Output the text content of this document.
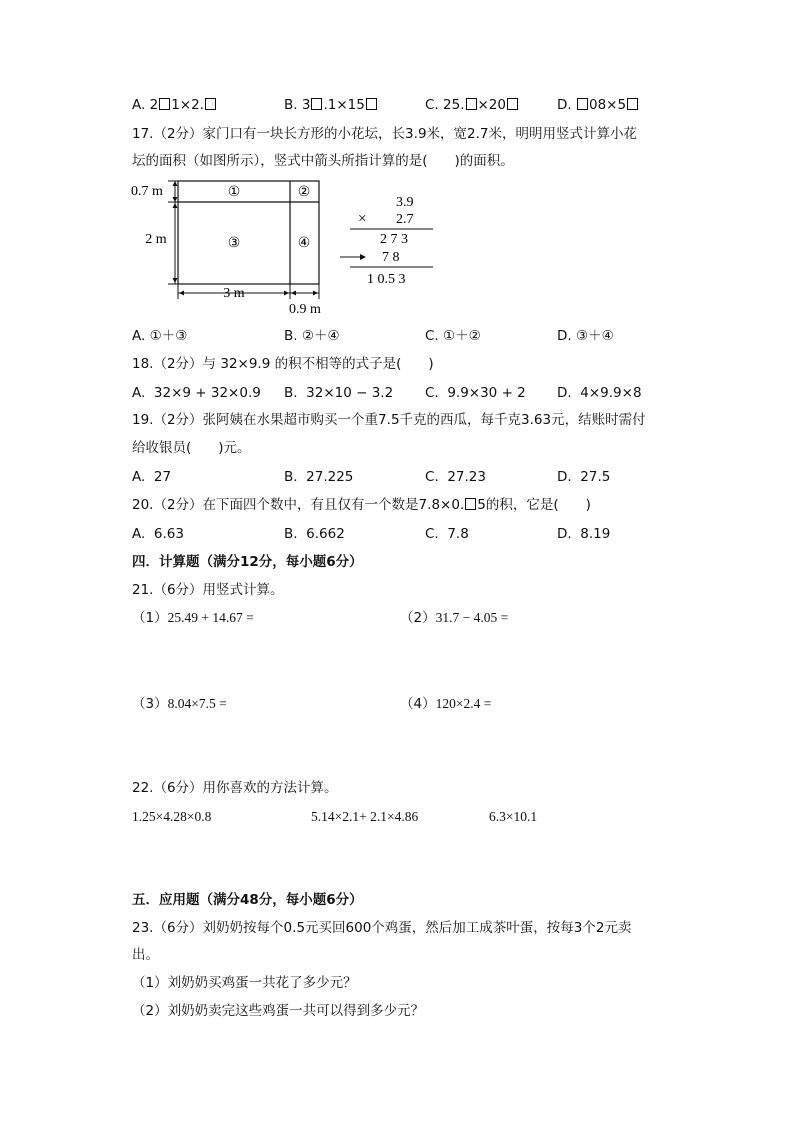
A. 2 1×2.	B. 3 .1×15	C. 25. ×20	D. 08×5
17.（2分）家门口有一块长方形的小花坛，长3.9米，宽2.7米，明明用竖式计算小花
坛的面积（如图所示），竖式中箭头所指计算的是(　　)的面积。
0.7 m
2 m
3 m
0.9 m
①	②
③	④
3.9
× 2.7
2 7 3
7 8
1 0.5 3
A. ①＋③	B. ②＋④	C. ①＋②	D. ③＋④
18.（2分）与 32×9.9 的积不相等的式子是(　　)
A. 32×9 + 32×0.9 B. 32×10 − 3.2 C. 9.9×30 + 2 D. 4×9.9×8
19.（2分）张阿姨在水果超市购买一个重7.5千克的西瓜，每千克3.63元，结账时需付
给收银员(　　)元。
A. 27	B. 27.225	C. 27.23	D. 27.5
20.（2分）在下面四个数中，有且仅有一个数是7.8×0. 5的积，它是(　　)
A. 6.63	B. 6.662	C. 7.8	D. 8.19
四．计算题（满分12分，每小题6分）
21.（6分）用竖式计算。
（1）25.49 + 14.67 =	（2）31.7 − 4.05 =
（3）8.04×7.5 =	（4）120×2.4 =
22.（6分）用你喜欢的方法计算。
1.25×4.28×0.8	5.14×2.1+ 2.1×4.86	6.3×10.1
五．应用题（满分48分，每小题6分）
23.（6分）刘奶奶按每个0.5元买回600个鸡蛋，然后加工成茶叶蛋，按每3个2元卖
出。
（1）刘奶奶买鸡蛋一共花了多少元？
（2）刘奶奶卖完这些鸡蛋一共可以得到多少元？
